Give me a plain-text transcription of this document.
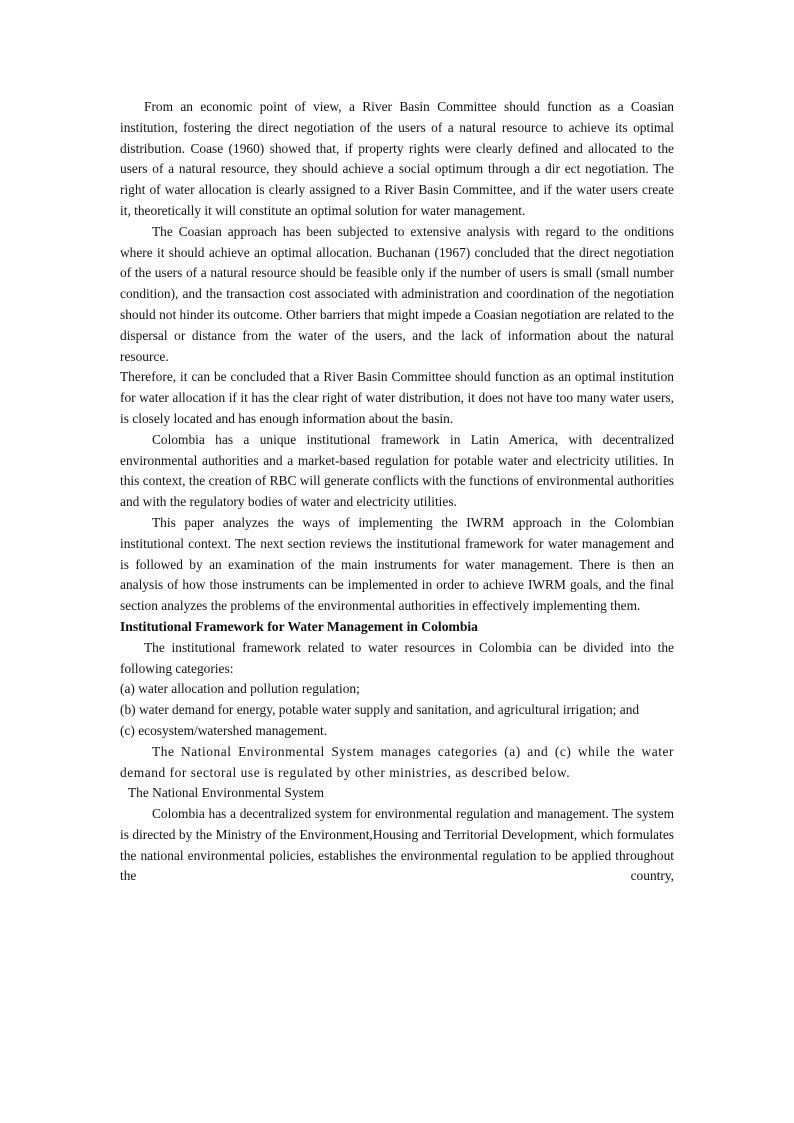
From an economic point of view, a River Basin Committee should function as a Coasian institution, fostering the direct negotiation of the users of a natural resource to achieve its optimal distribution. Coase (1960) showed that, if property rights were clearly defined and allocated to the users of a natural resource, they should achieve a social optimum through a dir ect negotiation. The right of water allocation is clearly assigned to a River Basin Committee, and if the water users create it, theoretically it will constitute an optimal solution for water management.

The Coasian approach has been subjected to extensive analysis with regard to the onditions where it should achieve an optimal allocation. Buchanan (1967) concluded that the direct negotiation of the users of a natural resource should be feasible only if the number of users is small (small number condition), and the transaction cost associated with administration and coordination of the negotiation should not hinder its outcome. Other barriers that might impede a Coasian negotiation are related to the dispersal or distance from the water of the users, and the lack of information about the natural resource.

Therefore, it can be concluded that a River Basin Committee should function as an optimal institution for water allocation if it has the clear right of water distribution, it does not have too many water users, is closely located and has enough information about the basin.

Colombia has a unique institutional framework in Latin America, with decentralized environmental authorities and a market-based regulation for potable water and electricity utilities. In this context, the creation of RBC will generate conflicts with the functions of environmental authorities and with the regulatory bodies of water and electricity utilities.

This paper analyzes the ways of implementing the IWRM approach in the Colombian institutional context. The next section reviews the institutional framework for water management and is followed by an examination of the main instruments for water management. There is then an analysis of how those instruments can be implemented in order to achieve IWRM goals, and the final section analyzes the problems of the environmental authorities in effectively implementing them.

Institutional Framework for Water Management in Colombia

The institutional framework related to water resources in Colombia can be divided into the following categories:

(a) water allocation and pollution regulation;

(b) water demand for energy, potable water supply and sanitation, and agricultural irrigation; and

(c) ecosystem/watershed management.

The National Environmental System manages categories (a) and (c) while the water demand for sectoral use is regulated by other ministries, as described below.

The National Environmental System

Colombia has a decentralized system for environmental regulation and management. The system is directed by the Ministry of the Environment,Housing and Territorial Development, which formulates the national environmental policies, establishes the environmental regulation to be applied throughout the country,
